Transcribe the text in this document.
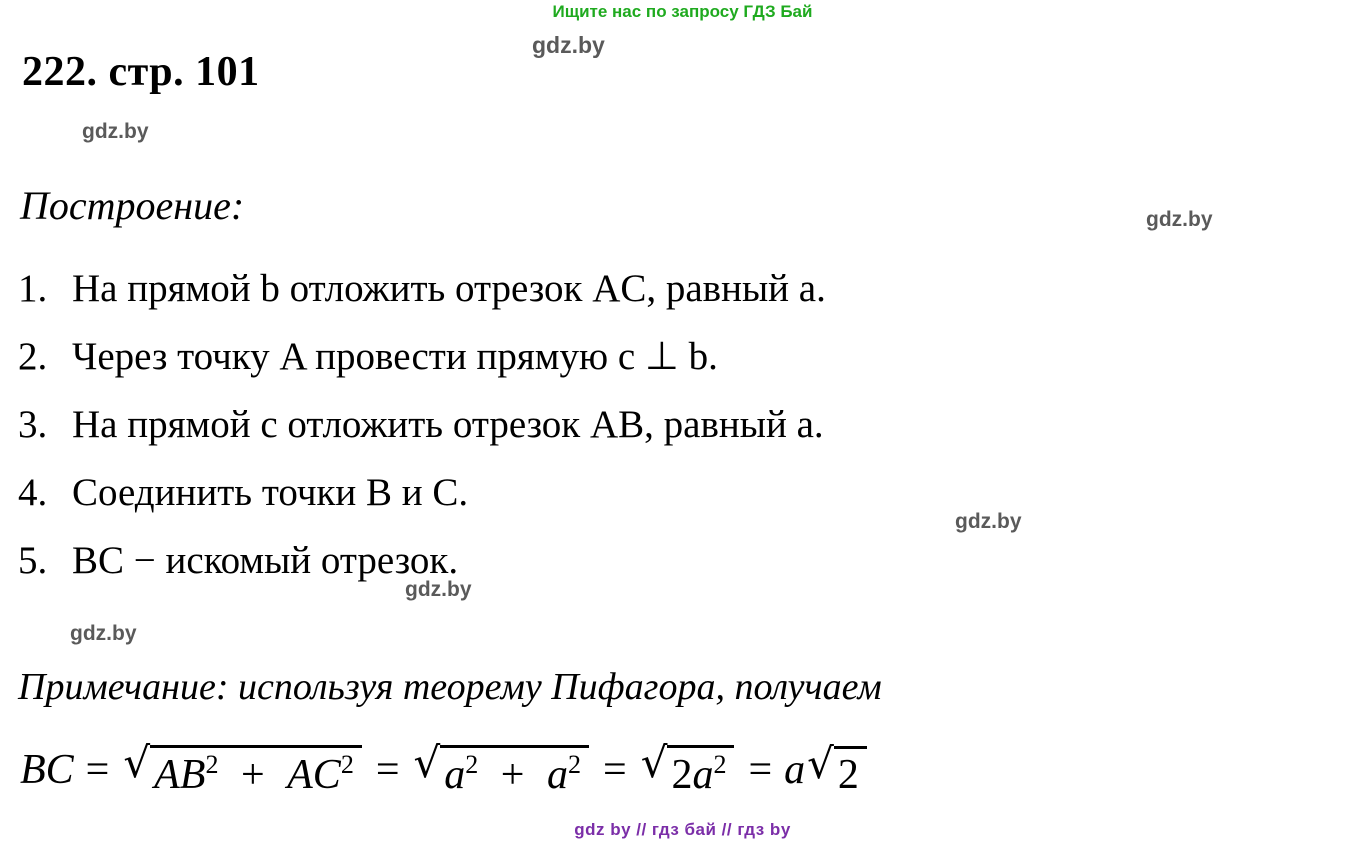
Ищите нас по запросу ГДЗ Бай
gdz.by
gdz.by
gdz.by
gdz.by
gdz.by
gdz.by
222. стр. 101
Построение:
1. На прямой b отложить отрезок AC, равный a.
2. Через точку A провести прямую c ⊥ b.
3. На прямой c отложить отрезок AB, равный a.
4. Соединить точки B и C.
5. BC − искомый отрезок.
Примечание: используя теорему Пифагора, получаем
BC = √ $AB^2 + AC^2$ = √ $a^2 + a^2$ = √ $2a^2 = a$ √ 2
gdz by // гдз бай // гдз by
